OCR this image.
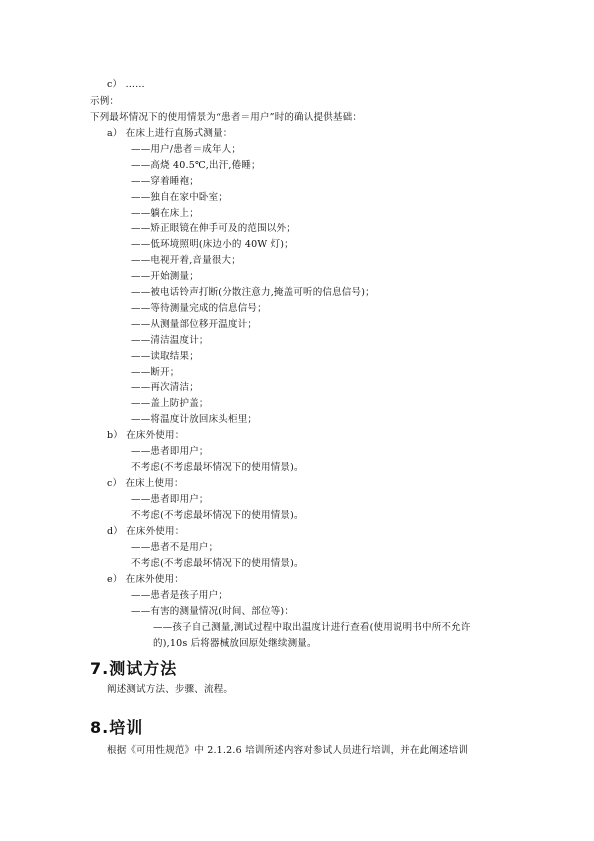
c） ……
示例：
下列最坏情况下的使用情景为“患者＝用户”时的确认提供基础：
a） 在床上进行直肠式测量：
——用户/患者＝成年人；
——高烧 40.5℃,出汗,倦睡；
——穿着睡袍；
——独自在家中卧室；
——躺在床上；
——矫正眼镜在伸手可及的范围以外；
——低环境照明(床边小的 40W 灯)；
——电视开着,音量很大；
——开始测量；
——被电话铃声打断(分散注意力,掩盖可听的信息信号)；
——等待测量完成的信息信号；
——从测量部位移开温度计；
——清洁温度计；
——读取结果；
——断开；
——再次清洁；
——盖上防护盖；
——将温度计放回床头柜里；
b） 在床外使用：
——患者即用户；
不考虑(不考虑最坏情况下的使用情景)。
c） 在床上使用：
——患者即用户；
不考虑(不考虑最坏情况下的使用情景)。
d） 在床外使用：
——患者不是用户；
不考虑(不考虑最坏情况下的使用情景)。
e） 在床外使用：
——患者是孩子用户；
——有害的测量情况(时间、部位等)：
——孩子自己测量,测试过程中取出温度计进行查看(使用说明书中所不允许
的),10s 后将器械放回原处继续测量。
7.测试方法
阐述测试方法、步骤、流程。
8.培训
根据《可用性规范》中 2.1.2.6 培训所述内容对参试人员进行培训，并在此阐述培训
